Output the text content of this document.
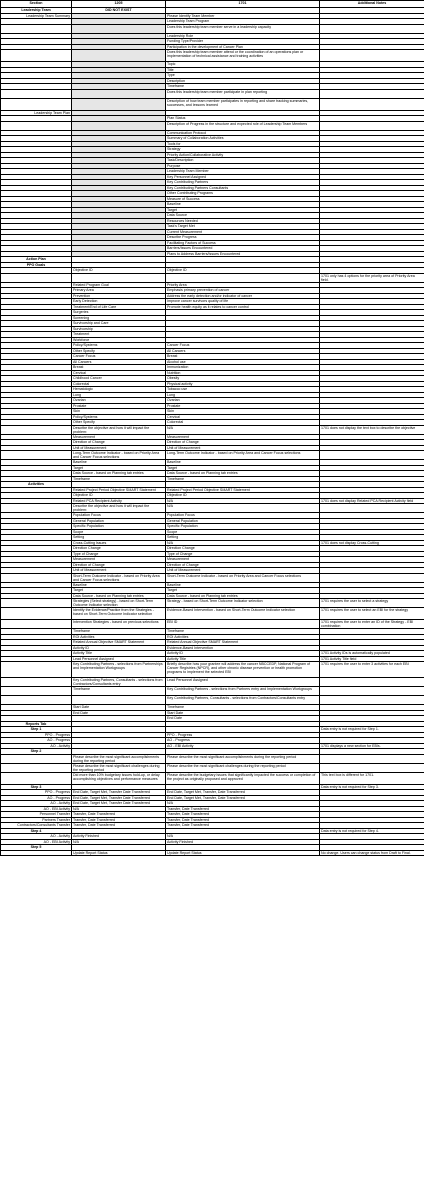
Section	1205	1701	Additional Notes
Leadership Team	DID NOT EXIST		
Leadership Team Summary		Please Identify Team Member	
		Leadership Team Program	
		Does this leadership team member serve in a leadership capacity	
		Leadership Role	
		Funding Type/Provider	
		Participation in the development of Cancer Plan	
		Does this leadership team member attend or the coordination of an operations plan or implementation of technical assistance and training activities	
		Topic	
		Title	
		Type	
		Description	
		Timeframe	
		Does this leadership team member participate in plan reporting	
		Description of how team member participates in reporting and share tracking summaries, successes, and lessons learned	
Leadership Team Plan			
		Plan Status	
		Description of Progress in the structure and expected role of Leadership Team Members	
		Communication Protocol	
		Summary of Collaboration Activities	
		Tools for	
		Strategy	
		Priority Action/Collaborative Activity	
		Task/Description	
		Purpose	
		Leadership Team Member	
		Key Personnel Assigned	
		Key Contributing Partners	
		Key Contributing Partners Consultants	
		Other Contributing Programs	
		Measure of Success	
		Baseline	
		Target	
		Data Source	
		Resources Needed	
		Task's Target Met	
		Current Measurement	
		Describe Progress	
		Facilitating Factors of Success	
		Barriers/Issues Encountered	
		Plans to Address Barriers/Issues Encountered	
Action Plan			
PPO Goals			
	Objective ID	Objective ID	
			1701 only has 4 options for the priority area of Priority Area field.
	Related Program Goal	Priority Area	
	Primary Area	Emphasis primary prevention of cancer	
	Prevention	Address the early detection and/or indicator of cancer	
	Early Detection	Improve cancer survivors quality of life	
	Treatment/End of Life Care	Promote health equity as it relates to cancer control	
	Surgeries		
	Screening		
	Survivorship and Care		
	Survivorship		
	Treatment		
	Workforce		
	Policy/Systems	Cancer Focus	
	Other Specify	All Cancers	
	Cancer Focus	Breast	
	All Cancers	Alcohol use	
	Breast	Immunization	
	Cervical	Nutrition	
	Childhood Cancer	Obesity	
	Colorectal	Physical activity	
	Hematologic	Tobacco use	
	Lung	Lung	
	Ovarian	Ovarian	
	Prostate	Prostate	
	Skin	Skin	
	Policy/Systems	Cervical	
	Other Specify	Colorectal	
	Describe the objective and how it will impact the problem:	N/A	1701 does not display the text box to describe the objective
	Measurement	Measurement	
	Direction of Change	Direction of Change	
	Unit of Measurement	Unit of Measurement	
	Long-Term Outcome Indicator - based on Priority Area and Cancer Focus selections	Long-Term Outcome Indicator - based on Priority Area and Cancer Focus selections	
	Baseline	Baseline	
	Target	Target	
	Data Source - based on Planning tab entries	Data Source - based on Planning tab entries	
	Timeframe	Timeframe	
Activities			
	Related Project Period Objective SMART Statement	Related Project Period Objective SMART Statement	
	Objective ID	Objective ID	
	Related PCA Recipient Activity	N/A	1701 does not display Related PCA Recipient Activity field
	Describe the objective and how it will impact the problem:	N/A	
	Population Focus	Population Focus	
	General Population	General Population	
	Specific Population	Specific Population	
	Scope	Scope	
	Setting	Setting	
	Cross-Cutting Issues	N/A	1701 does not display Cross-Cutting
	Direction Change	Direction Change	
	Type of Change	Type of Change	
	Measurement	Measurement	
	Direction of Change	Direction of Change	
	Unit of Measurement	Unit of Measurement	
	Short-Term Outcome Indicator - based on Priority Area and Cancer Focus selections	Short-Term Outcome Indicator - based on Priority Area and Cancer Focus selections	
	Baseline	Baseline	
	Target	Target	
	Data Source - based on Planning tab entries	Data Source - based on Planning tab entries	
	Strategies (Select strategy) - based on Short-Term Outcome Indicator selection	Strategy - based on Short-Term Outcome Indicator selection	1701 requires the user to select a strategy
	Identify the Evidence/Practice from the Strategies - based on Short-Term Outcome Indicator selection	Evidence-Based Intervention - based on Short-Term Outcome Indicator selection	1701 requires the user to select an EBI for the strategy
	Intervention Strategies - based on previous selections	EBI ID	1701 requires the user to enter an ID of the Strategy - EBI combination
	Timeframe	Timeframe	
	ROI Activities	ROI Activities	
	Related Annual Objective SMART Statement	Related Annual Objective SMART Statement	
	Activity ID	Evidence-Based Intervention	
	Activity Title	Activity ID	1701 Activity IDs is automatically populated
	Lead Personnel Assigned	Activity Title	1701 Activity Title field
	Key Contributing Partners - selections from Partnerships and Implementation Workgroups	Briefly describe how your grantee will address the cancer NBCCEDP, National Program of Cancer Registries (NPCR), and other chronic disease prevention or health promotion programs to implement the selected EBI	1701 requires the user to enter 3 activities for each EBI
	Key Contributing Partners, Consultants - selections from Contractors/Consultants entry	Lead Personnel Assigned	
	Timeframe	Key Contributing Partners - selections from Partners entry and Implementation Workgroups	
		Key Contributing Partners, Consultants - selections from Contractors/Consultants entry	
	Start Date	Timeframe	
	End Date	Start Date	
		End Date	
Reports Tab			
Step 1			Data entry is not required for Step 1.
PPO - Progress		PPO - Progress	
AO - Progress		AO - Progress	
AO - Activity		AO - EBI Activity	1701 displays a new section for EBIs.
Step 2			
	Please describe the most significant accomplishments during the reporting period	Please describe the most significant accomplishments during the reporting period	
	Please describe the most significant challenges during the reporting period	Please describe the most significant challenges during the reporting period	
	Did more than 10% budgetary issues hold-up, or delay accomplishing objectives and performance measures	Please describe the budgetary issues that significantly impacted the success or completion of the project as originally proposed and approved	This text box is different for 1701.
Step 3			Data entry is not required for Step 3.
PPO - Progress	End Date, Target Met, Transfer Date Transferred	End Date, Target Met, Transfer, Date Transferred	
AO - Progress	End Date, Target Met, Transfer Date Transferred	End Date, Target Met, Transfer, Date Transferred	
AO - Activity	End Date, Target Met, Transfer Date Transferred	N/A	
AO - EBI Activity	N/A	Transfer, Date Transferred	
Personnel Transfer	Transfer, Date Transferred	Transfer, Date Transferred	
Partners Transfer	Transfer, Date Transferred	Transfer, Date Transferred	
Contractors/Consultants Transfer	Transfer, Date Transferred	Transfer, Date Transferred	
Step 4			Data entry is not required for Step 4.
AO - Activity	Activity Finished	N/A	
AO - EBI Activity	N/A	Activity Finished	
Step 5			
	Update Report Status	Update Report Status	No change. Users can change status from Draft to Final.
